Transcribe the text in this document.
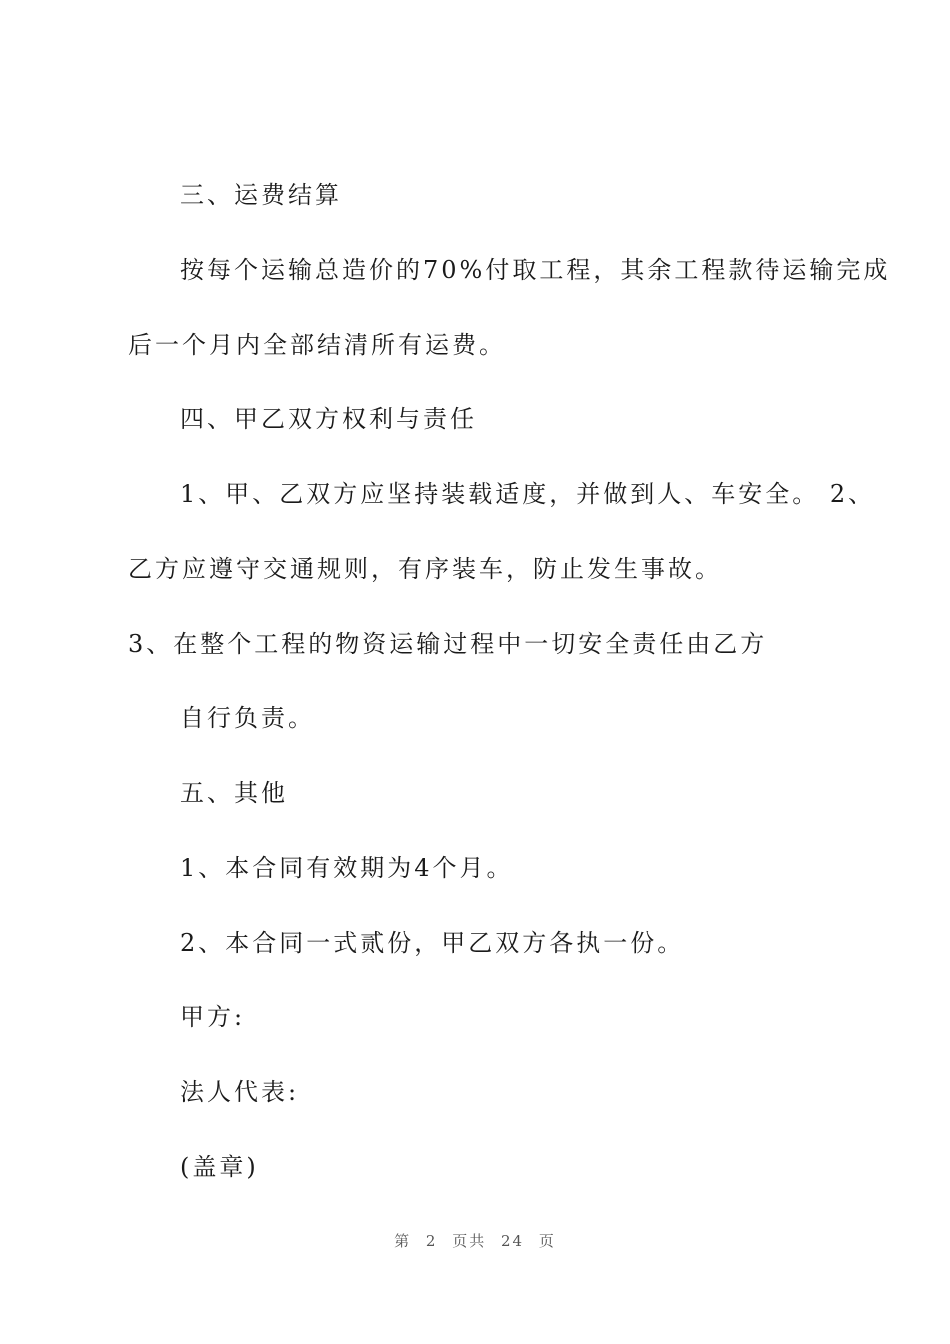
三、运费结算
按每个运输总造价的70%付取工程，其余工程款待运输完成
后一个月内全部结清所有运费。
四、甲乙双方权利与责任
1、甲、乙双方应坚持装载适度，并做到人、车安全。 2、
乙方应遵守交通规则，有序装车，防止发生事故。
3、在整个工程的物资运输过程中一切安全责任由乙方
自行负责。
五、其他
1、本合同有效期为4个月。
2、本合同一式贰份，甲乙双方各执一份。
甲方:
法人代表:
(盖章)
第 2 页共 24 页
